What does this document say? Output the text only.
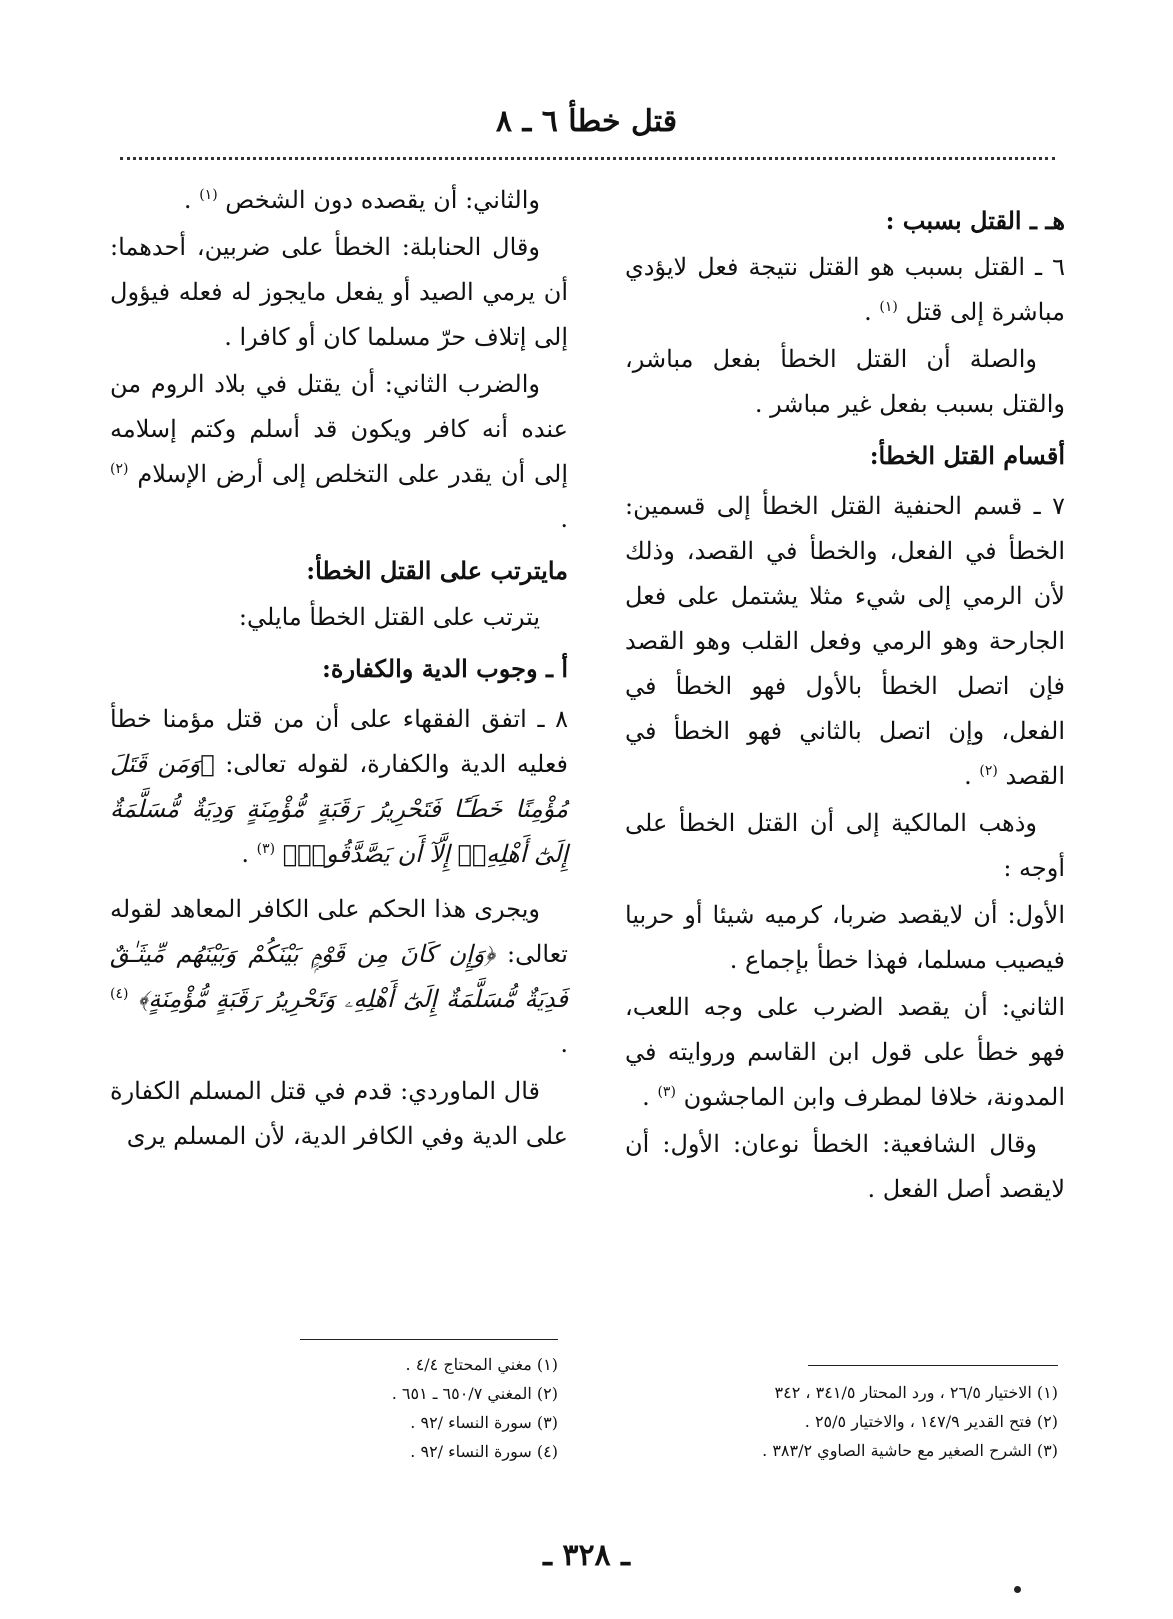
قتل خطأ ٦ ـ ٨

هـ ـ القتل بسبب :

٦ ـ القتل بسبب هو القتل نتيجة فعل لايؤدي مباشرة إلى قتل $^{(١)}$ .

والصلة أن القتل الخطأ بفعل مباشر، والقتل بسبب بفعل غير مباشر .

أقسام القتل الخطأ:

٧ ـ قسم الحنفية القتل الخطأ إلى قسمين: الخطأ في الفعل، والخطأ في القصد، وذلك لأن الرمي إلى شيء مثلا يشتمل على فعل الجارحة وهو الرمي وفعل القلب وهو القصد فإن اتصل الخطأ بالأول فهو الخطأ في الفعل، وإن اتصل بالثاني فهو الخطأ في القصد $^{(٢)}$ .

وذهب المالكية إلى أن القتل الخطأ على أوجه :

الأول: أن لايقصد ضربا، كرميه شيئا أو حربيا فيصيب مسلما، فهذا خطأ بإجماع .

الثاني: أن يقصد الضرب على وجه اللعب، فهو خطأ على قول ابن القاسم وروايته في المدونة، خلافا لمطرف وابن الماجشون $^{(٣)}$ .

وقال الشافعية: الخطأ نوعان: الأول: أن لايقصد أصل الفعل .

والثاني: أن يقصده دون الشخص $^{(١)}$ .

وقال الحنابلة: الخطأ على ضربين، أحدهما: أن يرمي الصيد أو يفعل مايجوز له فعله فيؤول إلى إتلاف حرّ مسلما كان أو كافرا .

والضرب الثاني: أن يقتل في بلاد الروم من عنده أنه كافر ويكون قد أسلم وكتم إسلامه إلى أن يقدر على التخلص إلى أرض الإسلام $^{(٢)}$ .

مايترتب على القتل الخطأ:

يترتب على القتل الخطأ مايلي:

أ ـ وجوب الدية والكفارة:

٨ ـ اتفق الفقهاء على أن من قتل مؤمنا خطأ فعليه الدية والكفارة، لقوله تعالى: ﴿وَمَن قَتَلَ مُؤْمِنًا خَطَـًٔا فَتَحْرِيرُ رَقَبَةٍ مُّؤْمِنَةٍ وَدِيَةٌ مُّسَلَّمَةٌ إِلَىٰٓ أَهْلِهِۦٓ إِلَّآ أَن يَصَّدَّقُوا۟﴾ $^{(٣)}$ .

ويجرى هذا الحكم على الكافر المعاهد لقوله تعالى: ﴿وَإِن كَانَ مِن قَوْمٍۭ بَيْنَكُمْ وَبَيْنَهُم مِّيثَـٰقٌ فَدِيَةٌ مُّسَلَّمَةٌ إِلَىٰٓ أَهْلِهِۦ وَتَحْرِيرُ رَقَبَةٍ مُّؤْمِنَةٍ﴾ $^{(٤)}$ .

قال الماوردي: قدم في قتل المسلم الكفارة على الدية وفي الكافر الدية، لأن المسلم يرى

(١) الاختيار ٢٦/٥ ، ورد المحتار ٣٤١/٥ ، ٣٤٢
(٢) فتح القدير ١٤٧/٩ ، والاختيار ٢٥/٥ .
(٣) الشرح الصغير مع حاشية الصاوي ٣٨٣/٢ .
(١) مغني المحتاج ٤/٤ .
(٢) المغني ٦٥٠/٧ ـ ٦٥١ .
(٣) سورة النساء /٩٢ .
(٤) سورة النساء /٩٢ .
ـ ٣٢٨ ـ
